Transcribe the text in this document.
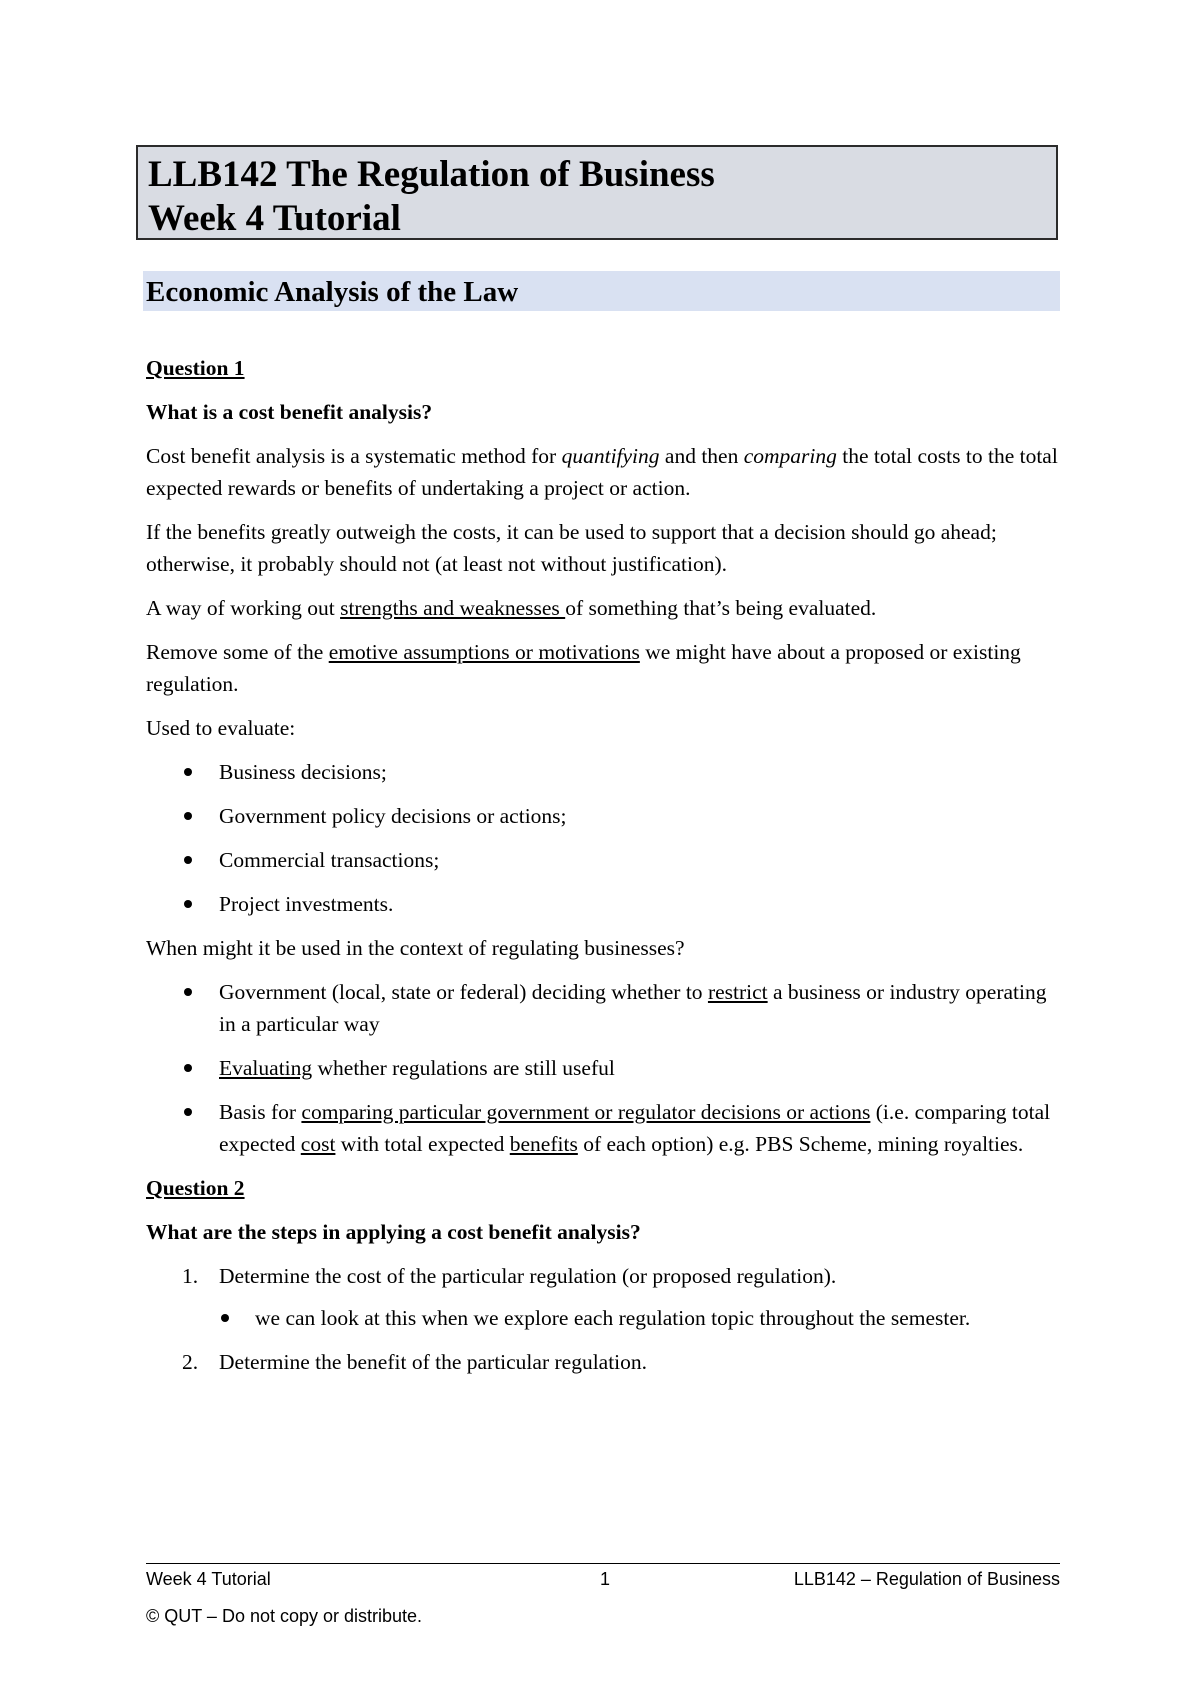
LLB142 The Regulation of Business
Week 4 Tutorial
Economic Analysis of the Law

Question 1

What is a cost benefit analysis?

Cost benefit analysis is a systematic method for quantifying and then comparing the total costs to the total expected rewards or benefits of undertaking a project or action.

If the benefits greatly outweigh the costs, it can be used to support that a decision should go ahead; otherwise, it probably should not (at least not without justification).

A way of working out strengths and weaknesses of something that’s being evaluated.

Remove some of the emotive assumptions or motivations we might have about a proposed or existing regulation.

Used to evaluate:

Business decisions;
Government policy decisions or actions;
Commercial transactions;
Project investments.

When might it be used in the context of regulating businesses?

Government (local, state or federal) deciding whether to restrict a business or industry operating in a particular way
Evaluating whether regulations are still useful
Basis for comparing particular government or regulator decisions or actions (i.e. comparing total expected cost with total expected benefits of each option) e.g. PBS Scheme, mining royalties.

Question 2

What are the steps in applying a cost benefit analysis?

1. Determine the cost of the particular regulation (or proposed regulation).
we can look at this when we explore each regulation topic throughout the semester.
2. Determine the benefit of the particular regulation.
Week 4 Tutorial	1	LLB142 – Regulation of Business
© QUT – Do not copy or distribute.
